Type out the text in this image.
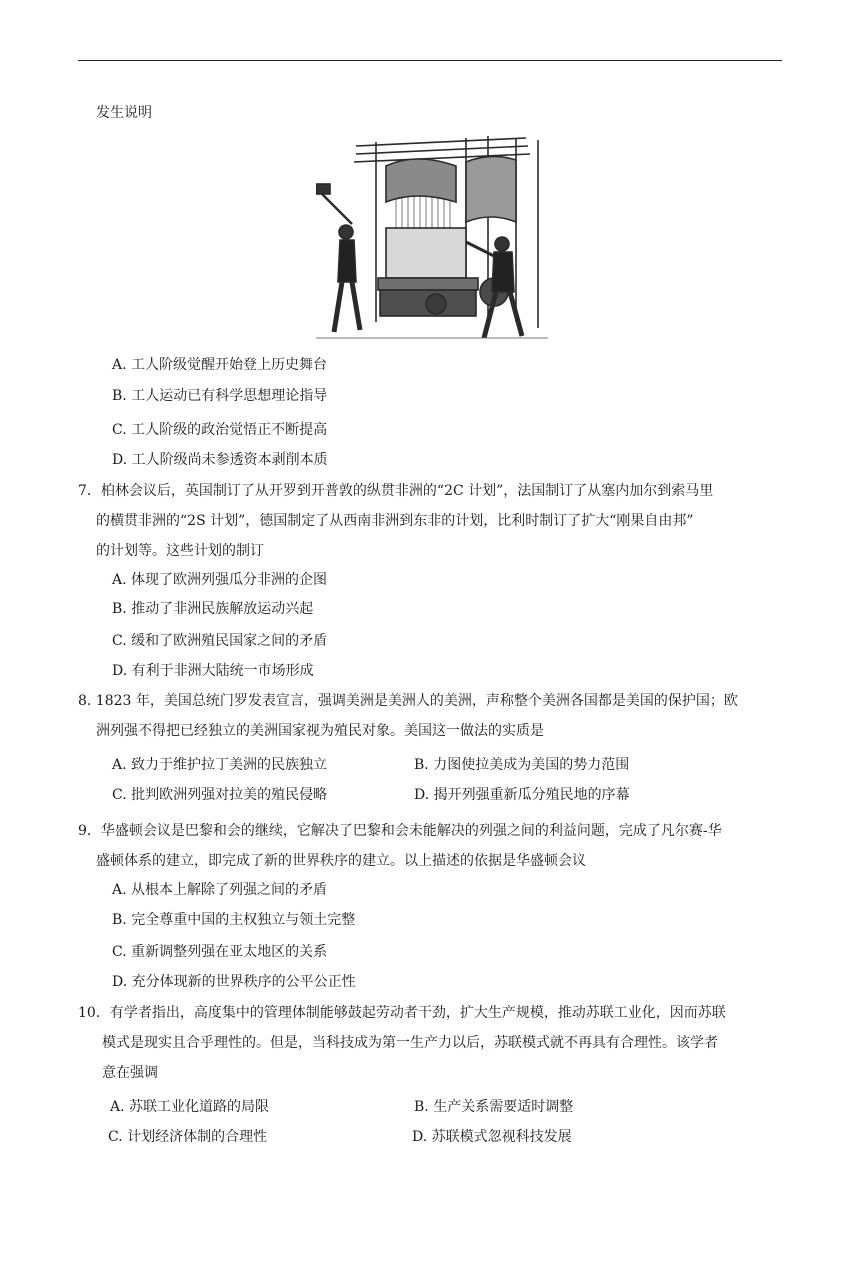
发生说明
A. 工人阶级觉醒开始登上历史舞台
B. 工人运动已有科学思想理论指导
C. 工人阶级的政治觉悟正不断提高
D. 工人阶级尚未参透资本剥削本质
7．柏林会议后，英国制订了从开罗到开普敦的纵贯非洲的“2C 计划”，法国制订了从塞内加尔到索马里
的横贯非洲的“2S 计划”，德国制定了从西南非洲到东非的计划，比利时制订了扩大“刚果自由邦”
的计划等。这些计划的制订
A. 体现了欧洲列强瓜分非洲的企图
B. 推动了非洲民族解放运动兴起
C. 缓和了欧洲殖民国家之间的矛盾
D. 有利于非洲大陆统一市场形成
8. 1823 年，美国总统门罗发表宣言，强调美洲是美洲人的美洲，声称整个美洲各国都是美国的保护国；欧
洲列强不得把已经独立的美洲国家视为殖民对象。美国这一做法的实质是
A. 致力于维护拉丁美洲的民族独立	B. 力图使拉美成为美国的势力范围
C. 批判欧洲列强对拉美的殖民侵略	D. 揭开列强重新瓜分殖民地的序幕
9．华盛顿会议是巴黎和会的继续，它解决了巴黎和会未能解决的列强之间的利益问题，完成了凡尔赛-华
盛顿体系的建立，即完成了新的世界秩序的建立。以上描述的依据是华盛顿会议
A. 从根本上解除了列强之间的矛盾
B. 完全尊重中国的主权独立与领土完整
C. 重新调整列强在亚太地区的关系
D. 充分体现新的世界秩序的公平公正性
10．有学者指出，高度集中的管理体制能够鼓起劳动者干劲，扩大生产规模，推动苏联工业化，因而苏联
模式是现实且合乎理性的。但是，当科技成为第一生产力以后，苏联模式就不再具有合理性。该学者
意在强调
A. 苏联工业化道路的局限	B. 生产关系需要适时调整
C. 计划经济体制的合理性	D. 苏联模式忽视科技发展
